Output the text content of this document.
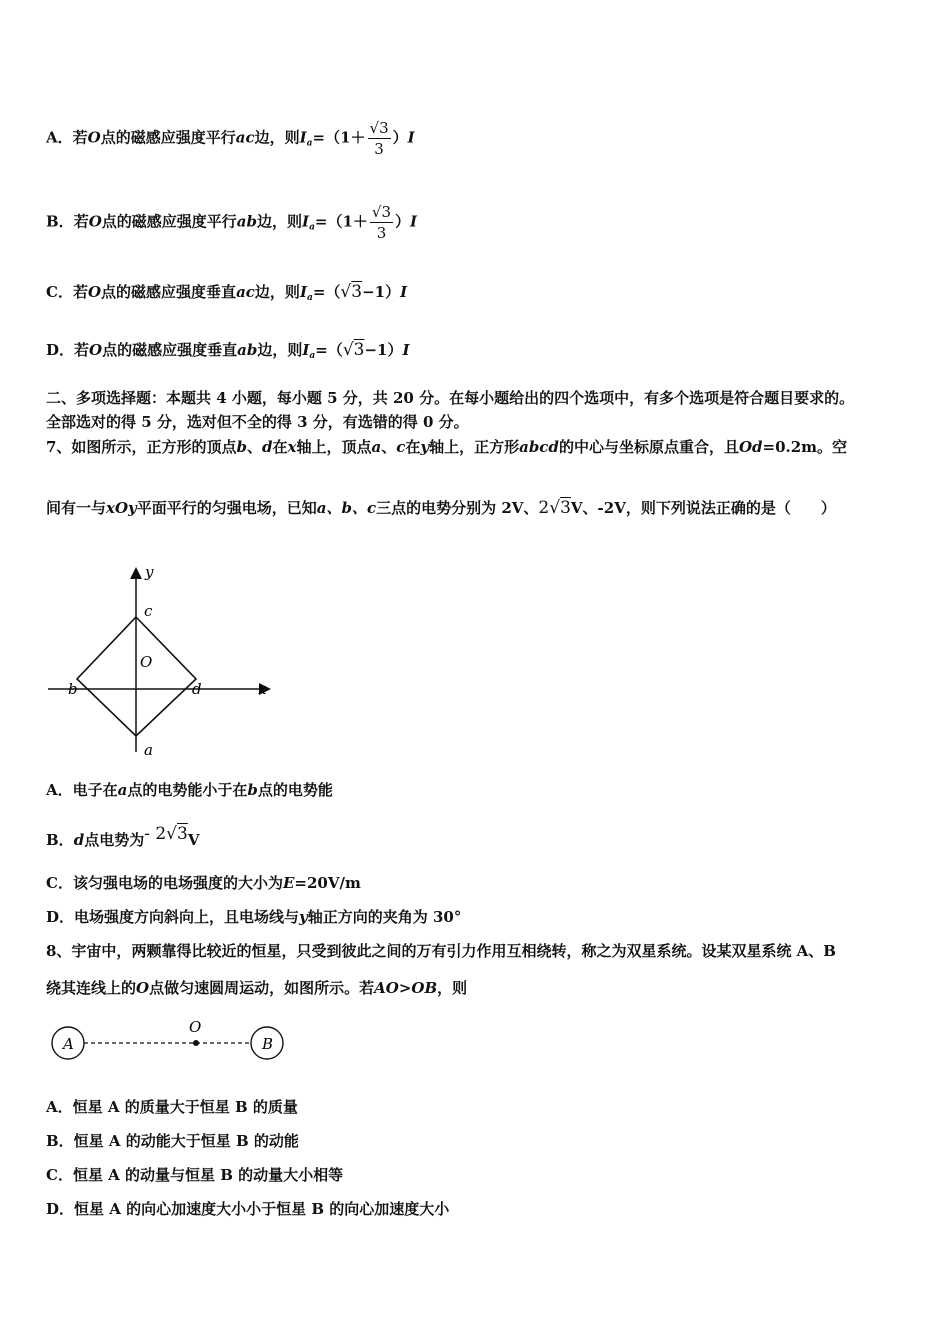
A．若O点的磁感应强度平行ac边，则$I_a=(1+ \frac{√3}{3} )I$
B．若O点的磁感应强度平行ab边，则$I_a=(1+ \frac{√3}{3} )I$
C．若O点的磁感应强度垂直ac边，则$I_a=(√3-1)I$
D．若O点的磁感应强度垂直ab边，则$I_a=(√3-1)I$
二、多项选择题：本题共 4 小题，每小题 5 分，共 20 分。在每小题给出的四个选项中，有多个选项是符合题目要求的。
全部选对的得 5 分，选对但不全的得 3 分，有选错的得 0 分。
7、如图所示，正方形的顶点b、d在x轴上，顶点a、c在y轴上，正方形abcd的中心与坐标原点重合，且Od=0.2m。空
间有一与xOy平面平行的匀强电场，已知a、b、c三点的电势分别为 2V、2√3V、-2V，则下列说法正确的是（　　）
y
c
O
b	d	x
a
A．电子在a点的电势能小于在b点的电势能
B．d点电势为- 2√3V
C．该匀强电场的电场强度的大小为E=20V/m
D．电场强度方向斜向上，且电场线与y轴正方向的夹角为 30°
8、宇宙中，两颗靠得比较近的恒星，只受到彼此之间的万有引力作用互相绕转，称之为双星系统。设某双星系统 A、B
绕其连线上的O点做匀速圆周运动，如图所示。若AO>OB，则
A
O
B
A．恒星 A 的质量大于恒星 B 的质量
B．恒星 A 的动能大于恒星 B 的动能
C．恒星 A 的动量与恒星 B 的动量大小相等
D．恒星 A 的向心加速度大小小于恒星 B 的向心加速度大小
